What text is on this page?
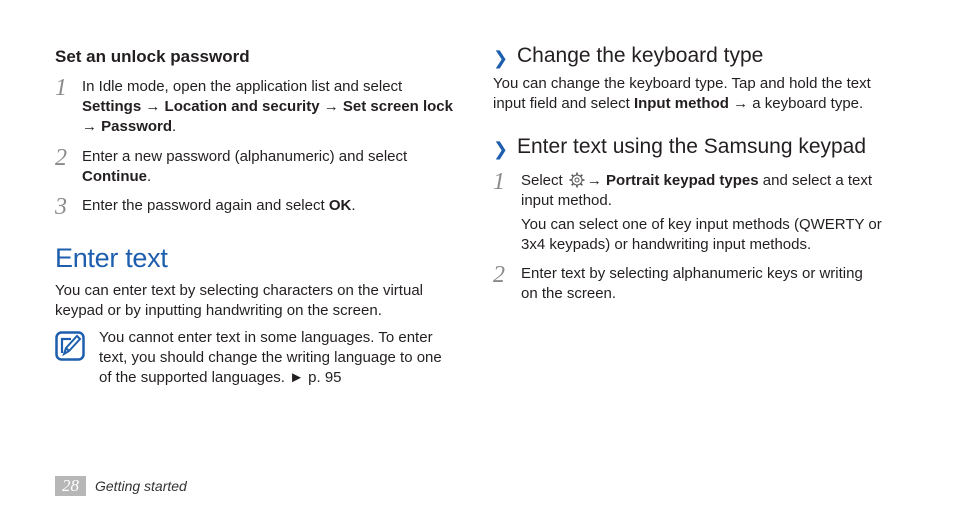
Set an unlock password
1 In Idle mode, open the application list and select
Settings → Location and security → Set screen lock
→ Password.
2 Enter a new password (alphanumeric) and select
Continue.
3 Enter the password again and select OK.
Enter text
You can enter text by selecting characters on the virtual
keypad or by inputting handwriting on the screen.
You cannot enter text in some languages. To enter
text, you should change the writing language to one
of the supported languages. ► p. 95
❯ Change the keyboard type
You can change the keyboard type. Tap and hold the text
input field and select Input method → a keyboard type.
❯ Enter text using the Samsung keypad
1 Select → Portrait keypad types and select a text
input method.
You can select one of key input methods (QWERTY or
3x4 keypads) or handwriting input methods.
2 Enter text by selecting alphanumeric keys or writing
on the screen.
28	Getting started
